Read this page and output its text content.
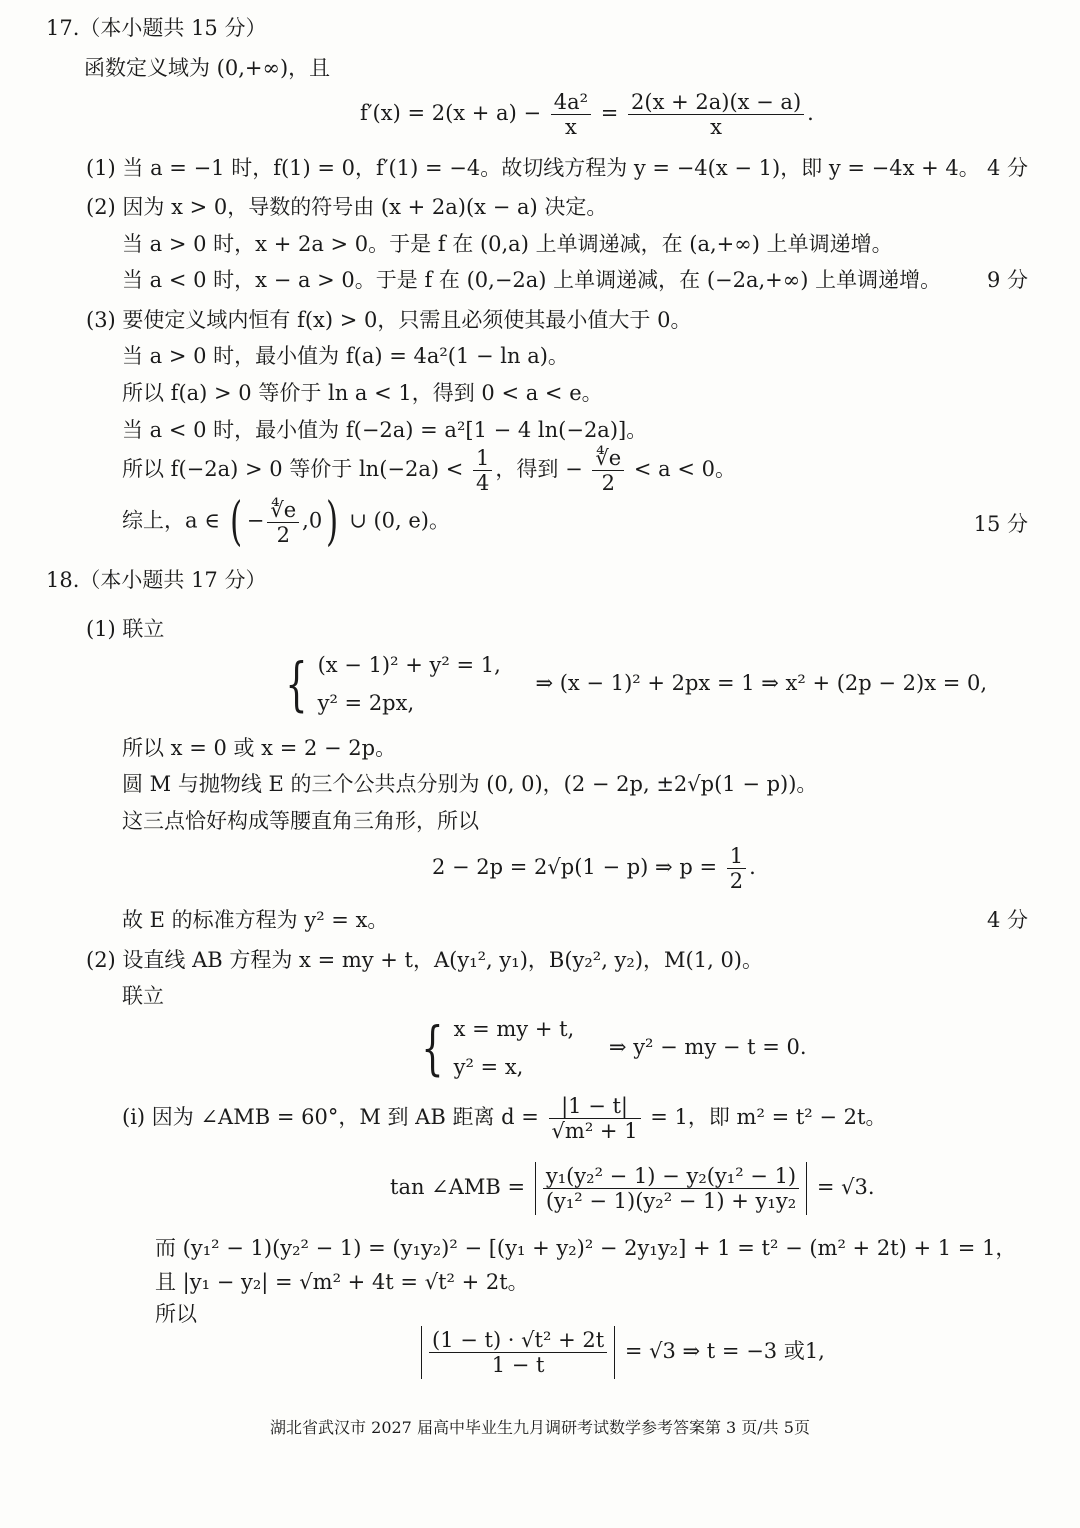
17.（本小题共 15 分）
函数定义域为 (0,+∞)，且
$f'(x) = 2(x + a) - \frac{\text{4a²}}{x} = \frac{2(x + 2a)(x - a)}{x}$ .
(1) 当 a = −1 时，f(1) = 0，f′(1) = −4。故切线方程为 y = −4(x − 1)，即 y = −4x + 4。 4 分
(2) 因为 x > 0，导数的符号由 (x + 2a)(x − a) 决定。
当 a > 0 时，x + 2a > 0。于是 f 在 (0,a) 上单调递减，在 (a,+∞) 上单调递增。
当 a < 0 时，x − a > 0。于是 f 在 (0,−2a) 上单调递减，在 (−2a,+∞) 上单调递增。 9 分
(3) 要使定义域内恒有 f(x) > 0，只需且必须使其最小值大于 0。
当 a > 0 时，最小值为 f(a) = 4a²(1 − ln a)。
所以 f(a) > 0 等价于 ln a < 1，得到 0 < a < e。
当 a < 0 时，最小值为 f(−2a) = a²[1 − 4 ln(−2a)]。
所以 f(−2a) > 0 等价于 $\ln(-2a) < \frac{1}{4}$ ，得到 − $\frac{∜e}{2} < a < 0$。
综上，a ∈ ( − $\frac{∜e}{2} ,0$) ∪ (0, e)。	15 分
18.（本小题共 17 分）
(1) 联立
{ (x − 1)² + y² = 1,
y² = 2px,
⇒ (x − 1)² + 2px = 1 ⇒ x² + (2p − 2)x = 0,
所以 x = 0 或 x = 2 − 2p。
圆 M 与抛物线 E 的三个公共点分别为 (0, 0)，(2 − 2p, ±2√p(1 − p))。
这三点恰好构成等腰直角三角形，所以
2 − 2p = 2√p(1 − p) ⇒ $p = \frac{1}{2}$ .
故 E 的标准方程为 y² = x。	4 分
(2) 设直线 AB 方程为 x = my + t，A(y₁², y₁)，B(y₂², y₂)，M(1, 0)。
联立
{ x = my + t,
y² = x,
⇒ y² − my − t = 0.
(i) 因为 ∠AMB = 60°，M 到 AB 距离 $d = \frac{|1 - t|}{\text{√m² + 1}} = 1$，即 m² = t² − 2t。
tan ∠AMB = $\frac{\text{y₁(y₂² − 1) − y₂(y₁² − 1)}}{\text{(y₁² − 1)(y₂² − 1) + y₁y₂}} = √3$.
而 (y₁² − 1)(y₂² − 1) = (y₁y₂)² − [(y₁ + y₂)² − 2y₁y₂] + 1 = t² − (m² + 2t) + 1 = 1，
且 |y₁ − y₂| = √m² + 4t = √t² + 2t。
所以
$\frac{\text{(1 − t) · √t² + 2t}}{1 - t} = √3$ ⇒ t = −3 或1,
湖北省武汉市 2027 届高中毕业生九月调研考试数学参考答案第 3 页/共 5页
